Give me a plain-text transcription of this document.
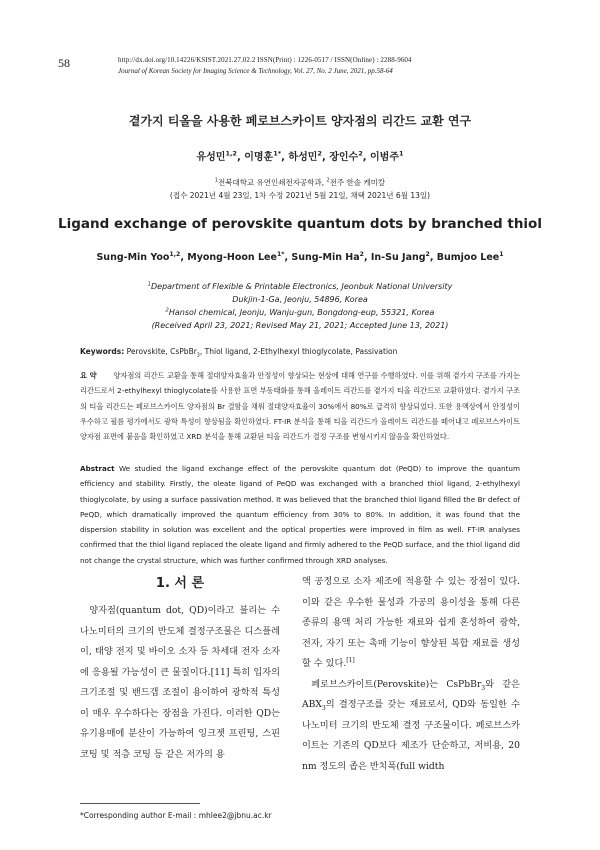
58	http://dx.doi.org/10.14226/KSIST.2021.27.02.2 ISSN(Print) : 1226-0517 / ISSN(Online) : 2288-9604
Journal of Korean Society for Imaging Science & Technology, Vol. 27, No. 2 June, 2021, pp.58-64
곁가지 티올을 사용한 페로브스카이트 양자점의 리간드 교환 연구
유성민$^{1,2}$, 이명훈$^{1*}$, 하성민$^2$, 장인수$^2$, 이범주$^1$
$^1$전북대학교 유연인쇄전자공학과, $^2$전주 한솔 케미칼
(접수 2021년 4월 23일, 1차 수정 2021년 5월 21일, 채택 2021년 6월 13일)
Ligand exchange of perovskite quantum dots by branched thiol
Sung-Min Yoo$^{1,2}$, Myong-Hoon Lee$^{1*}$, Sung-Min Ha$^2$, In-Su Jang$^2$, Bumjoo Lee$^1$
$^1$Department of Flexible & Printable Electronics, Jeonbuk National University
Dukjin-1-Ga, Jeonju, 54896, Korea
$^2$Hansol chemical, Jeonju, Wanju-gun, Bongdong-eup, 55321, Korea
(Received April 23, 2021; Revised May 21, 2021; Accepted June 13, 2021)
Keywords: Perovskite, CsPbBr$_3$, Thiol ligand, 2-Ethylhexyl thioglycolate, Passivation
요 약 양자점의 리간드 교환을 통해 절대양자효율과 안정성이 향상되는 현상에 대해 연구를 수행하였다. 이를 위해 곁가지 구조를 가지는 리간드로서 2-ethylhexyl thioglycolate를 사용한 표면 부동태화를 통해 올레이트 리간드를 곁가지 티올 리간드로 교환하였다. 곁가지 구조의 티올 리간드는 페로브스카이트 양자점의 Br 결함을 채워 절대양자효율이 30%에서 80%로 급격히 향상되었다. 또한 용액상에서 안정성이 우수하고 필름 평가에서도 광학 특성이 향상됨을 확인하였다. FT-IR 분석을 통해 티올 리간드가 올레이트 리간드를 떼어내고 페로브스카이트 양자점 표면에 붙음을 확인하였고 XRD 분석을 통해 교환된 티올 리간드가 결정 구조를 변형시키지 않음을 확인하였다.
Abstract We studied the ligand exchange effect of the perovskite quantum dot (PeQD) to improve the quantum efficiency and stability. Firstly, the oleate ligand of PeQD was exchanged with a branched thiol ligand, 2-ethylhexyl thioglycolate, by using a surface passivation method. It was believed that the branched thiol ligand filled the Br defect of PeQD, which dramatically improved the quantum efficiency from 30% to 80%. In addition, it was found that the dispersion stability in solution was excellent and the optical properties were improved in film as well. FT-IR analyses confirmed that the thiol ligand replaced the oleate ligand and firmly adhered to the PeQD surface, and the thiol ligand did not change the crystal structure, which was further confirmed through XRD analyses.
1. 서 론
양자점(quantum dot, QD)이라고 불리는 수나노미터의 크기의 반도체 결정구조물은 디스플레이, 태양 전지 및 바이오 소자 등 차세대 전자 소자에 응용될 가능성이 큰 물질이다.[11] 특히 입자의 크기조절 및 밴드갭 조절이 용이하여 광학적 특성이 매우 우수하다는 장점을 가진다. 이러한 QD는 유기용매에 분산이 가능하여 잉크젯 프린팅, 스핀 코팅 및 적층 코팅 등 같은 저가의 용
액 공정으로 소자 제조에 적용할 수 있는 장점이 있다. 이와 같은 우수한 물성과 가공의 용이성을 통해 다른 종류의 용액 처리 가능한 재료와 쉽게 혼성하여 광학, 전자, 자기 또는 촉매 기능이 향상된 복합 재료를 생성 할 수 있다.[1]
페로브스카이트(Perovskite)는 CsPbBr$_3$와 같은 $ABX_3$의 결정구조를 갖는 재료로서, QD와 동일한 수나노미터 크기의 반도체 결정 구조물이다. 페로브스카이트는 기존의 QD보다 제조가 단순하고, 저비용, 20 nm 정도의 좁은 반치폭(full width
*Corresponding author E-mail : mhlee2@jbnu.ac.kr
